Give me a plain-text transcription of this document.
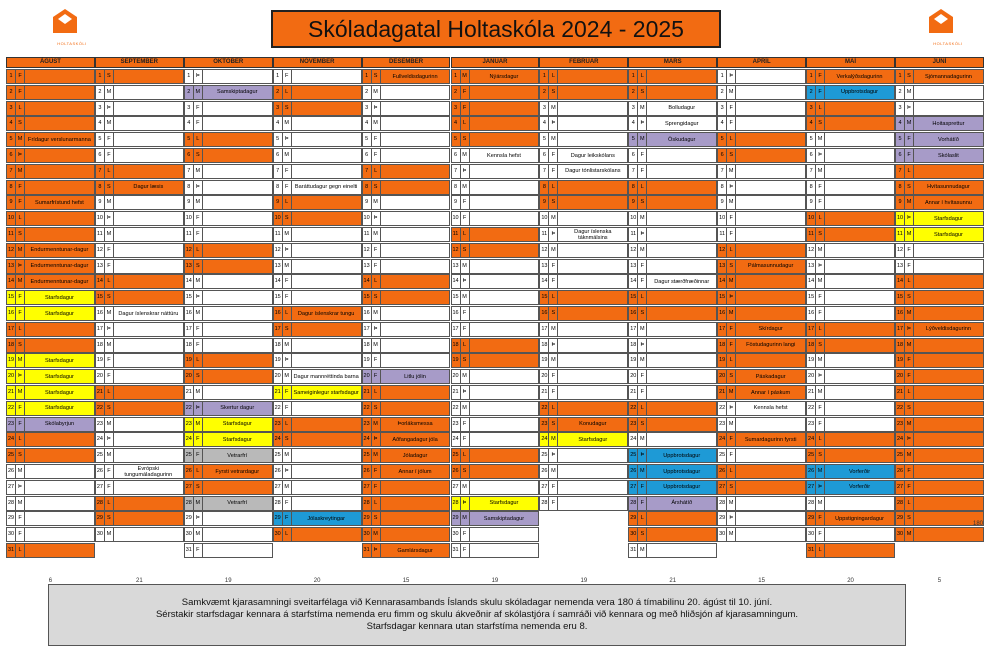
HOLTASKÓLI	HOLTASKÓLI
Skóladagatal Holtaskóla 2024 - 2025
ÁGÚST
1	F
2	F
3	L
4	S
5 M	Frídagur verslunarmanna
6	Þ
7 M
8	F
9	F	Sumarfrístund hefst
10 L
11 S
12 M	Endurmenntunar-dagur
13 Þ	Endurmenntunar-dagur
14 M	Endurmenntunar-dagur
15 F	Starfsdagur
16 F	Starfsdagur
17 L
18 S
19 M	Starfsdagur
20 Þ	Starfsdagur
21 M	Starfsdagur
22 F	Starfsdagur
23 F	Skólabyrjun
24 L
25 S
26 M
27 Þ
28 M
29 F
30 F
31 L
6
SEPTEMBER
1	S
2 M
3	Þ
4 M
5	F
6	F
7	L
8	S	Dagur læsis
9 M
10 Þ
11 M
12 F
13 F
14 L
15 S
16 M	Dagur íslenskrar náttúru
17 Þ
18 M
19 F
20 F
21 L
22 S
23 M
24 Þ
25 M
26 F	Evrópski tungumáladagurinn
27 F
28 L
29 S
30 M
21
OKTÓBER
1	Þ
2 M	Samskiptadagur
3	F
4	F
5	L
6	S
7 M
8	Þ
9 M
10 F
11 F
12 L
13 S
14 M
15 Þ
16 M
17 F
18 F
19 L
20 S
21 M
22 Þ	Skertur dagur
23 M	Starfsdagur
24 F	Starfsdagur
25 F	Vetrarfrí
26 L	Fyrsti vetrardagur
27 S
28 M	Vetrarfrí
29 Þ
30 M
31 F
19
NÓVEMBER
1	F
2	L
3	S
4 M
5	Þ
6 M
7	F
8	F	Baráttudagur gegn einelti
9	L
10 S
11 M
12 Þ
13 M
14 F
15 F
16 L	Dagur íslenskrar tungu
17 S
18 M
19 Þ
20 M Dagur mannréttinda barna
21 F Sameiginlegur starfsdagur
22 F
23 L
24 S
25 M
26 Þ
27 M
28 F
29 F	Jólaskreytingar
30 L
20
DESEMBER
1	S	Fullveldisdagurinn
2 M
3	Þ
4 M
5	F
6	F
7	L
8	S
9 M
10 Þ
11 M
12 F
13 F
14 L
15 S
16 M
17 Þ
18 M
19 F
20 F	Litlu jólin
21 L
22 S
23 M	Þorláksmessa
24 Þ	Aðfangadagur jóla
25 M	Jóladagur
26 F	Annar í jólum
27 F
28 L
29 S
30 M
31 Þ	Gamlársdagur
15
JANÚAR
1 M	Nýársdagur
2	F
3	F
4	L
5	S
6 M	Kennsla hefst
7	Þ
8 M
9	F
10 F
11 L
12 S
13 M
14 Þ
15 M
16 F
17 F
18 L
19 S
20 M
21 Þ
22 M
23 F
24 F
25 L
26 S
27 M
28 Þ	Starfsdagur
29 M	Samskiptadagur
30 F
31 F
19
FEBRÚAR
1	L
2	S
3 M
4	Þ
5 M
6	F	Dagur leikskólans
7	F	Dagur tónlistarskólans
8	L
9	S
10 M
11 Þ	Dagur íslenska táknmálsins
12 M
13 F
14 F
15 L
16 S
17 M
18 Þ
19 M
20 F
21 F
22 L
23 S	Konudagur
24 M	Starfsdagur
25 Þ
26 M
27 F
28 F
19
MARS
1	L
2	S
3 M	Bolludagur
4	Þ	Sprengidagur
5 M	Öskudagur
6	F
7	F
8	L
9	S
10 M
11 Þ
12 M
13 F
14 F	Dagur stærðfræðinnar
15 L
16 S
17 M
18 Þ
19 M
20 F
21 F
22 L
23 S
24 M
25 Þ	Uppbrotsdagur
26 M	Uppbrotsdagur
27 F	Uppbrotsdagur
28 F	Árshátíð
29 L
30 S
31 M
21
APRÍL
1	Þ
2 M
3	F
4	F
5	L
6	S
7 M
8	Þ
9 M
10 F
11 F
12 L
13 S	Pálmasunnudagur
14 M
15 Þ
16 M
17 F	Skírdagur
18 F	Föstudagurinn langi
19 L
20 S	Páskadagur
21 M	Annar í páskum
22 Þ	Kennsla hefst
23 M
24 F	Sumardagurinn fyrsti
25 F
26 L
27 S
28 M
29 Þ
30 M
15
MAÍ
1	F	Verkalýðsdagurinn
2	F	Uppbrotsdagur
3	L
4	S
5 M
6	Þ
7 M
8	F
9	F
10 L
11 S
12 M
13 Þ
14 M
15 F
16 F
17 L
18 S
19 M
20 Þ
21 M
22 F
23 F
24 L
25 S
26 M	Vorferðir
27 Þ	Vorferðir
28 M
29 F	Uppstigningardagur
30 F
31 L
20
JÚNÍ
1	S	Sjómannadagurinn
2 M
3	Þ
4 M	Hoitasprettur
5	F	Vorhátíð
6	F	Skólaslit
7	L
8	S	Hvítasunnudagur
9 M	Annar í hvítasunnu
10 Þ	Starfsdagur
11 M	Starfsdagur
12 F
13 F
14 L
15 S
16 M
17 Þ	Lýðveldisdagurinn
18 M
19 F
20 F
21 L
22 S
23 M
24 Þ
25 M
26 F
27 F
28 L
29 S
30 M
5
180
Samkvæmt kjarasamningi sveitarfélaga við Kennarasambands Íslands skulu skóladagar nemenda vera 180 á tímabilinu 20. ágúst til 10. júní.
Sérstakir starfsdagar kennara á starfstíma nemenda eru fimm og skulu ákveðnir af skólastjóra í samráði við kennara og með hliðsjón af kjarasamningum.
Starfsdagar kennara utan starfstíma nemenda eru 8.
